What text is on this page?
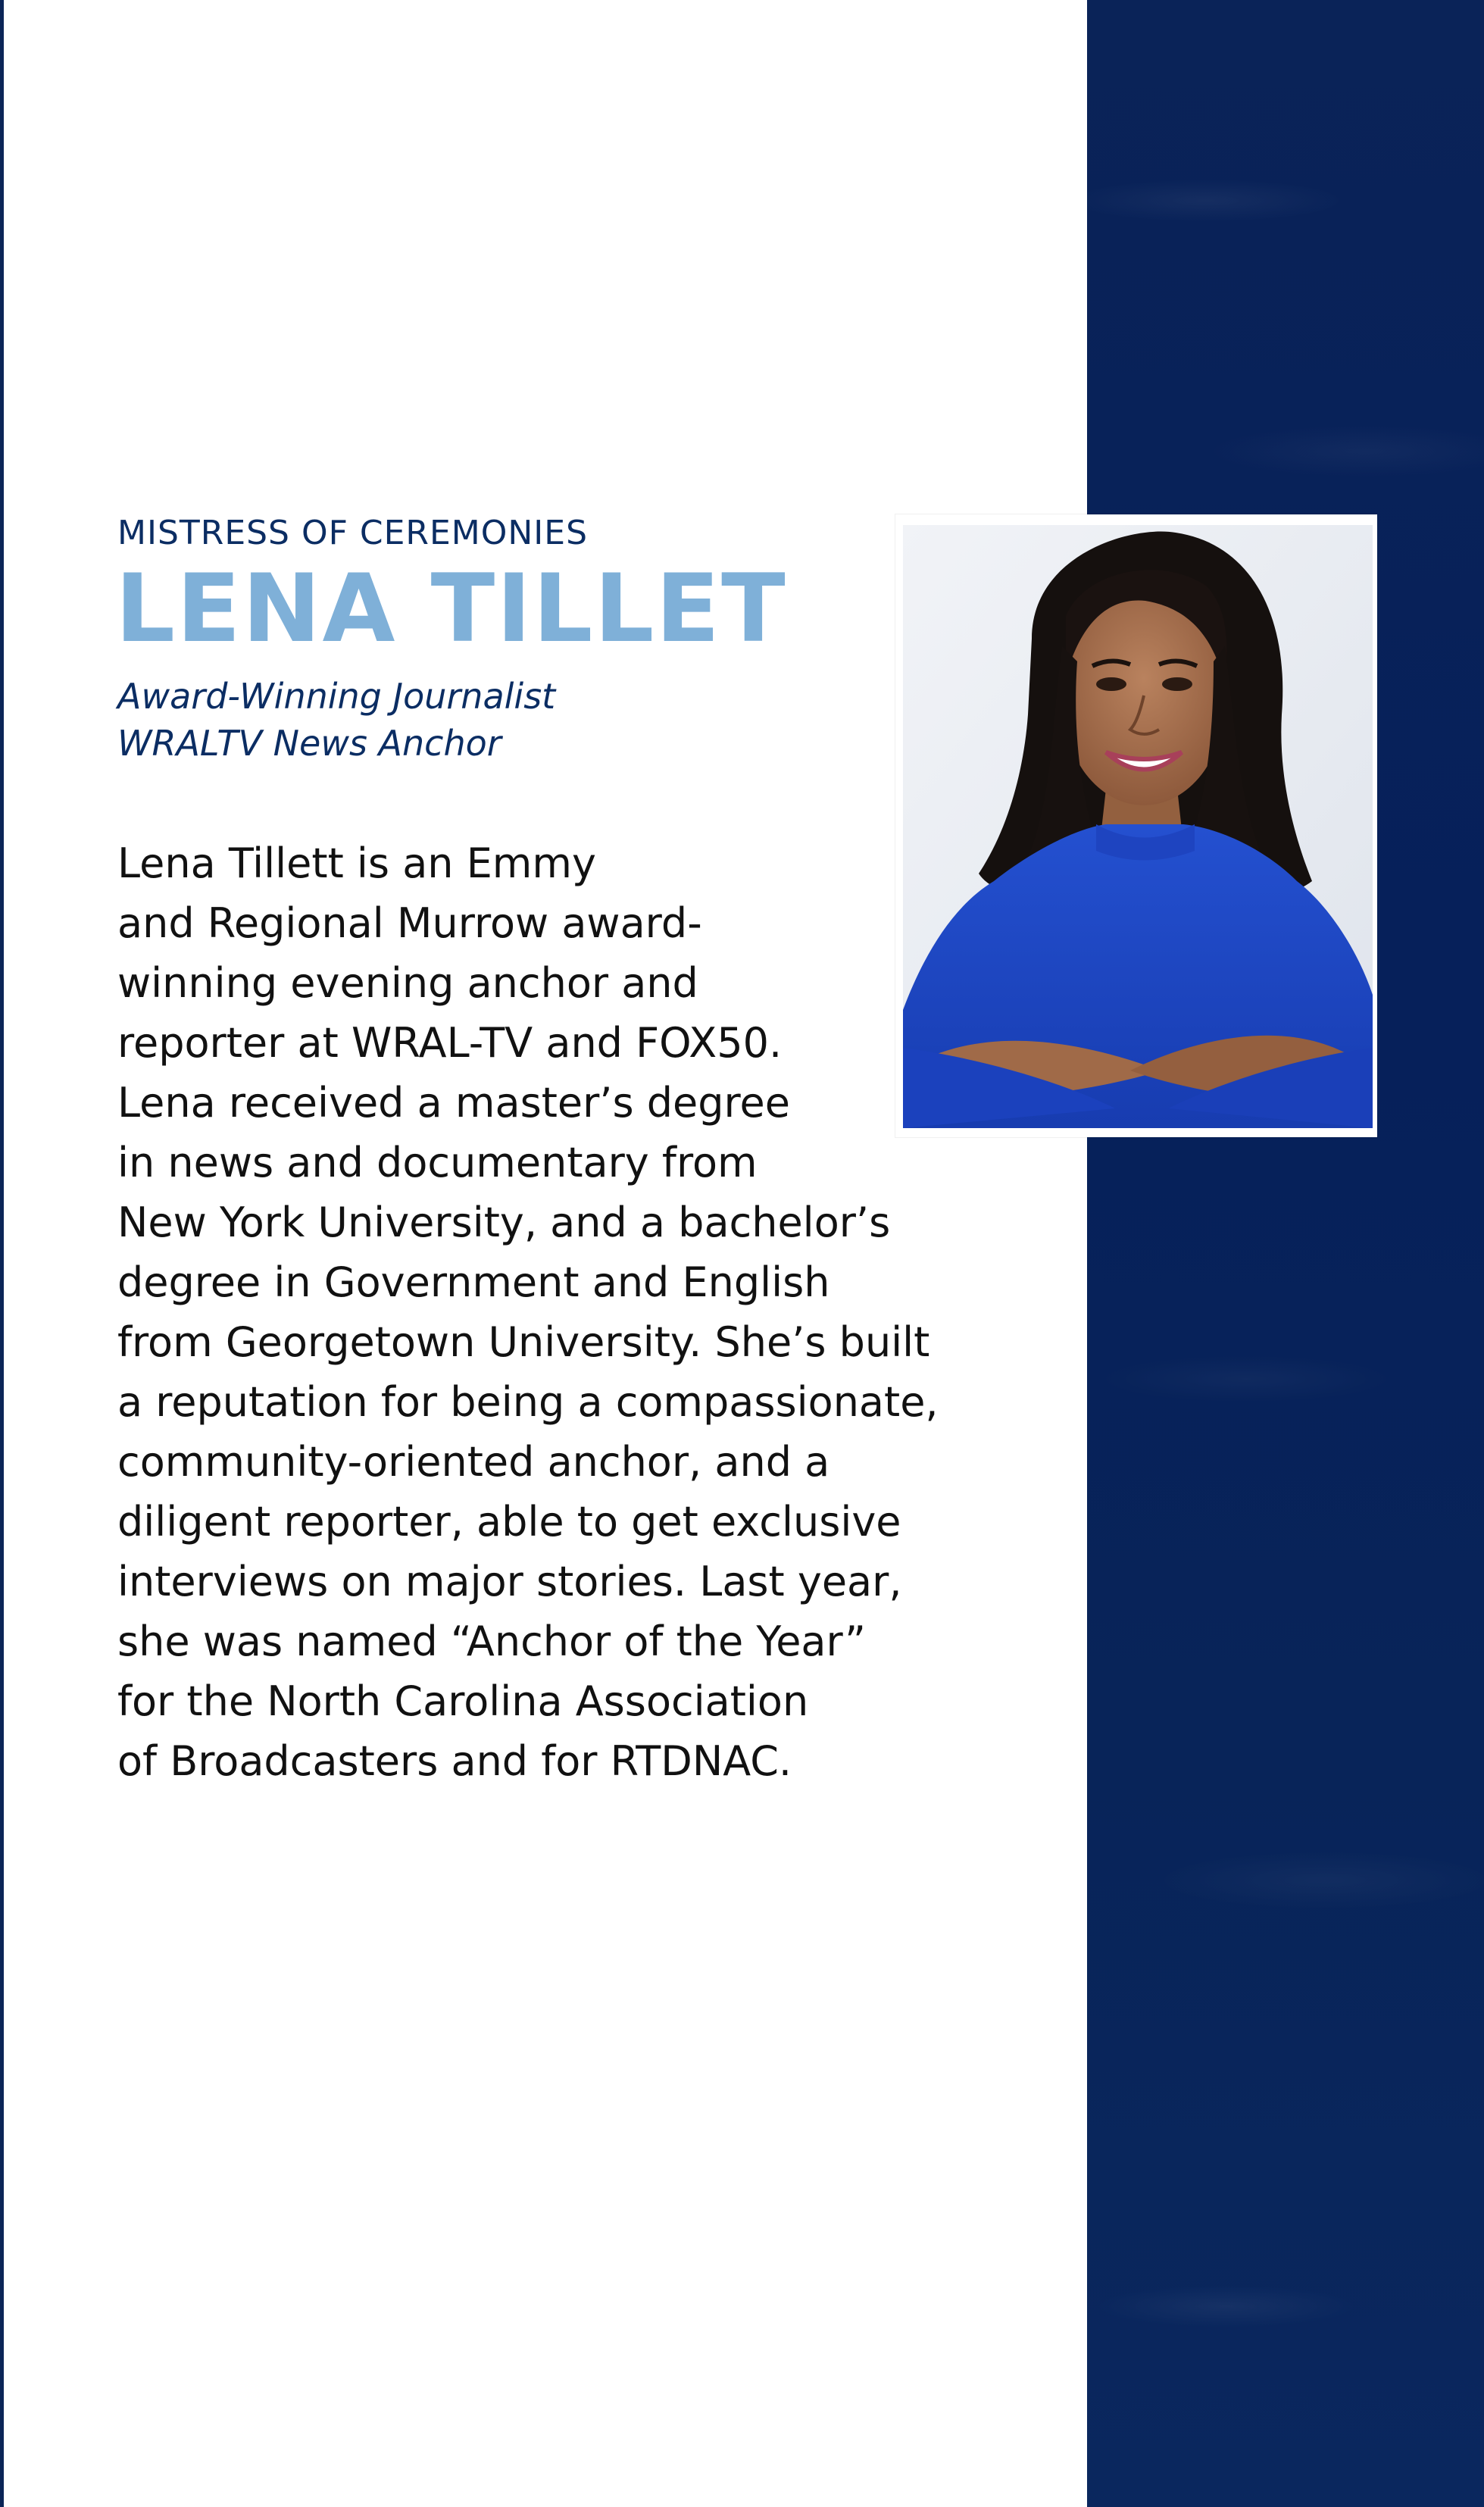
MISTRESS OF CEREMONIES
LENA TILLET
Award-Winning Journalist
WRALTV News Anchor
Lena Tillett is an Emmy
and Regional Murrow award-
winning evening anchor and
reporter at WRAL-TV and FOX50.
Lena received a master’s degree
in news and documentary from
New York University, and a bachelor’s
degree in Government and English
from Georgetown University. She’s built
a reputation for being a compassionate,
community-oriented anchor, and a
diligent reporter, able to get exclusive
interviews on major stories. Last year,
she was named “Anchor of the Year”
for the North Carolina Association
of Broadcasters and for RTDNAC.
